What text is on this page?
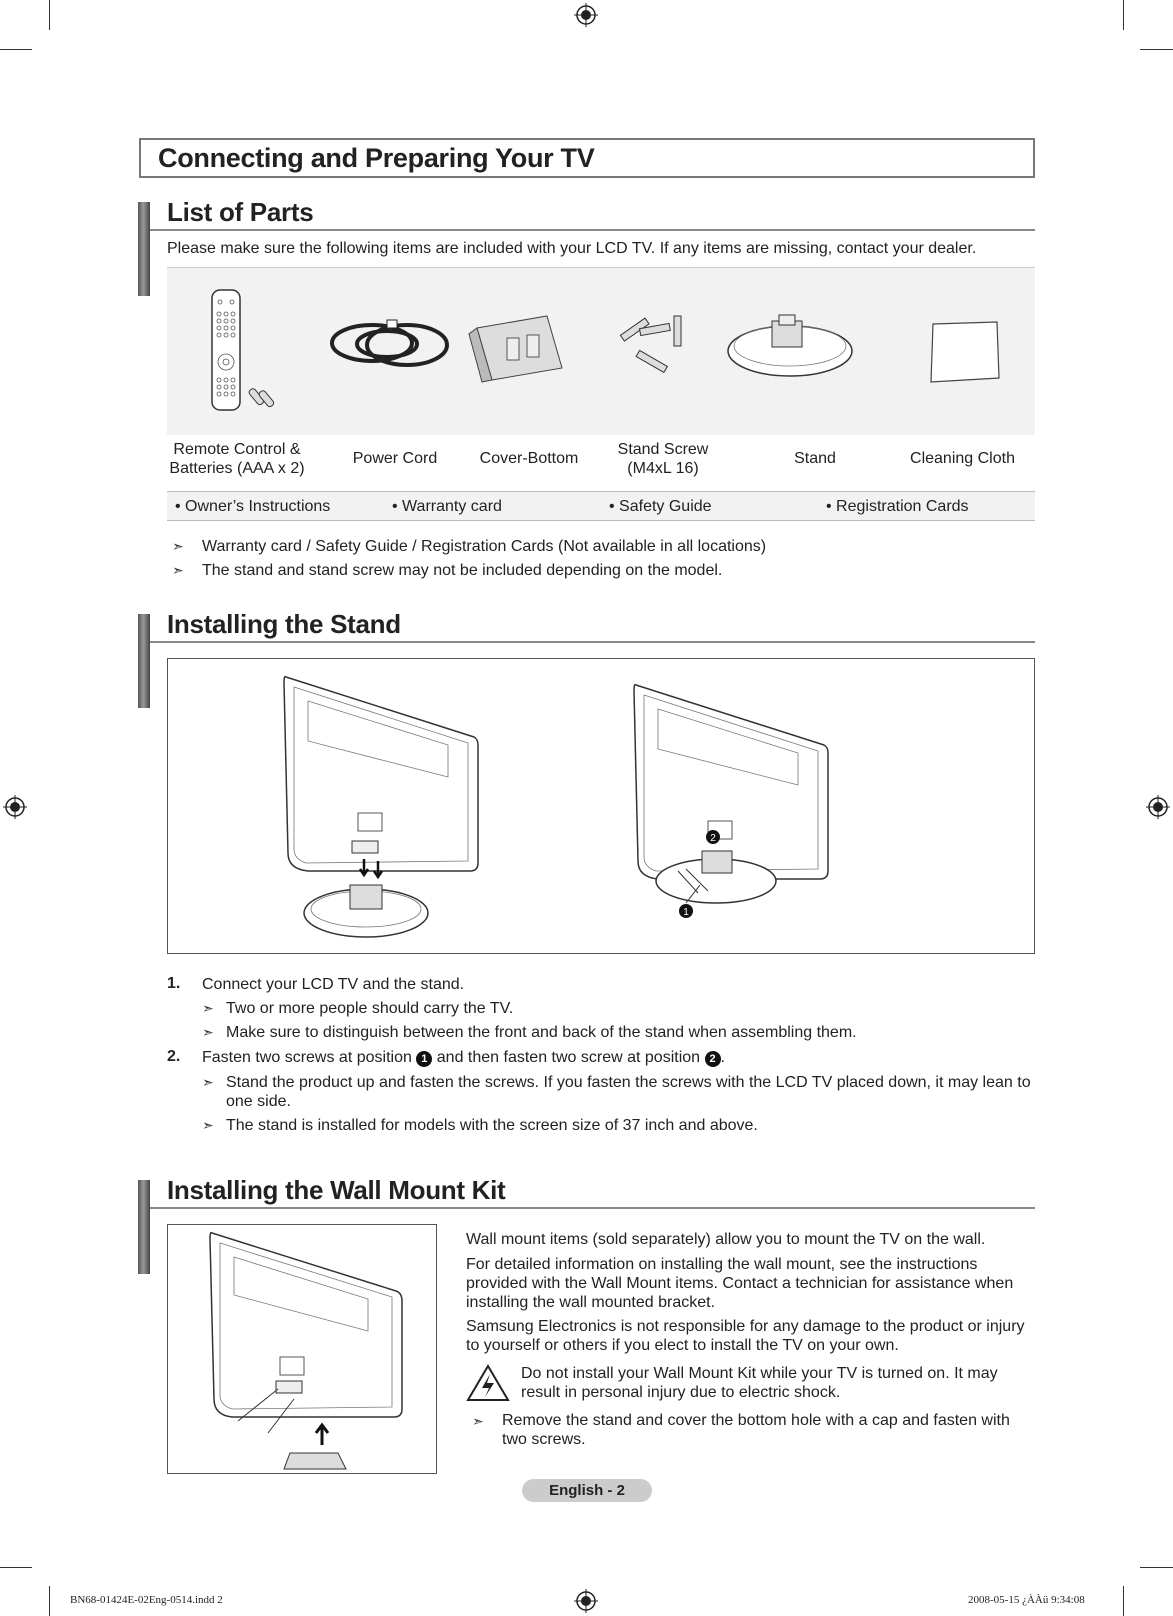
Connecting and Preparing Your TV
List of Parts
Please make sure the following items are included with your LCD TV. If any items are missing, contact your dealer.
Remote Control &
Batteries (AAA x 2)
Power Cord	Cover-Bottom
Stand Screw
(M4xL 16)
Stand	Cleaning Cloth
• Owner’s Instructions	• Warranty card	• Safety Guide	• Registration Cards
➣ Warranty card / Safety Guide / Registration Cards (Not available in all locations)
➣ The stand and stand screw may not be included depending on the model.
Installing the Stand
2
1
1. Connect your LCD TV and the stand.
➣ Two or more people should carry the TV.
➣ Make sure to distinguish between the front and back of the stand when assembling them.
2. Fasten two screws at position 1 and then fasten two screw at position 2 .
➣ Stand the product up and fasten the screws. If you fasten the screws with the LCD TV placed down, it may lean to
one side.
➣ The stand is installed for models with the screen size of 37 inch and above.
Installing the Wall Mount Kit
Wall mount items (sold separately) allow you to mount the TV on the wall.
For detailed information on installing the wall mount, see the instructions
provided with the Wall Mount items. Contact a technician for assistance when
installing the wall mounted bracket.
Samsung Electronics is not responsible for any damage to the product or injury
to yourself or others if you elect to install the TV on your own.
Do not install your Wall Mount Kit while your TV is turned on. It may
result in personal injury due to electric shock.
➣ Remove the stand and cover the bottom hole with a cap and fasten with
two screws.
English - 2
BN68-01424E-02Eng-0514.indd 2	2008-05-15 ¿ÀÀü 9:34:08
